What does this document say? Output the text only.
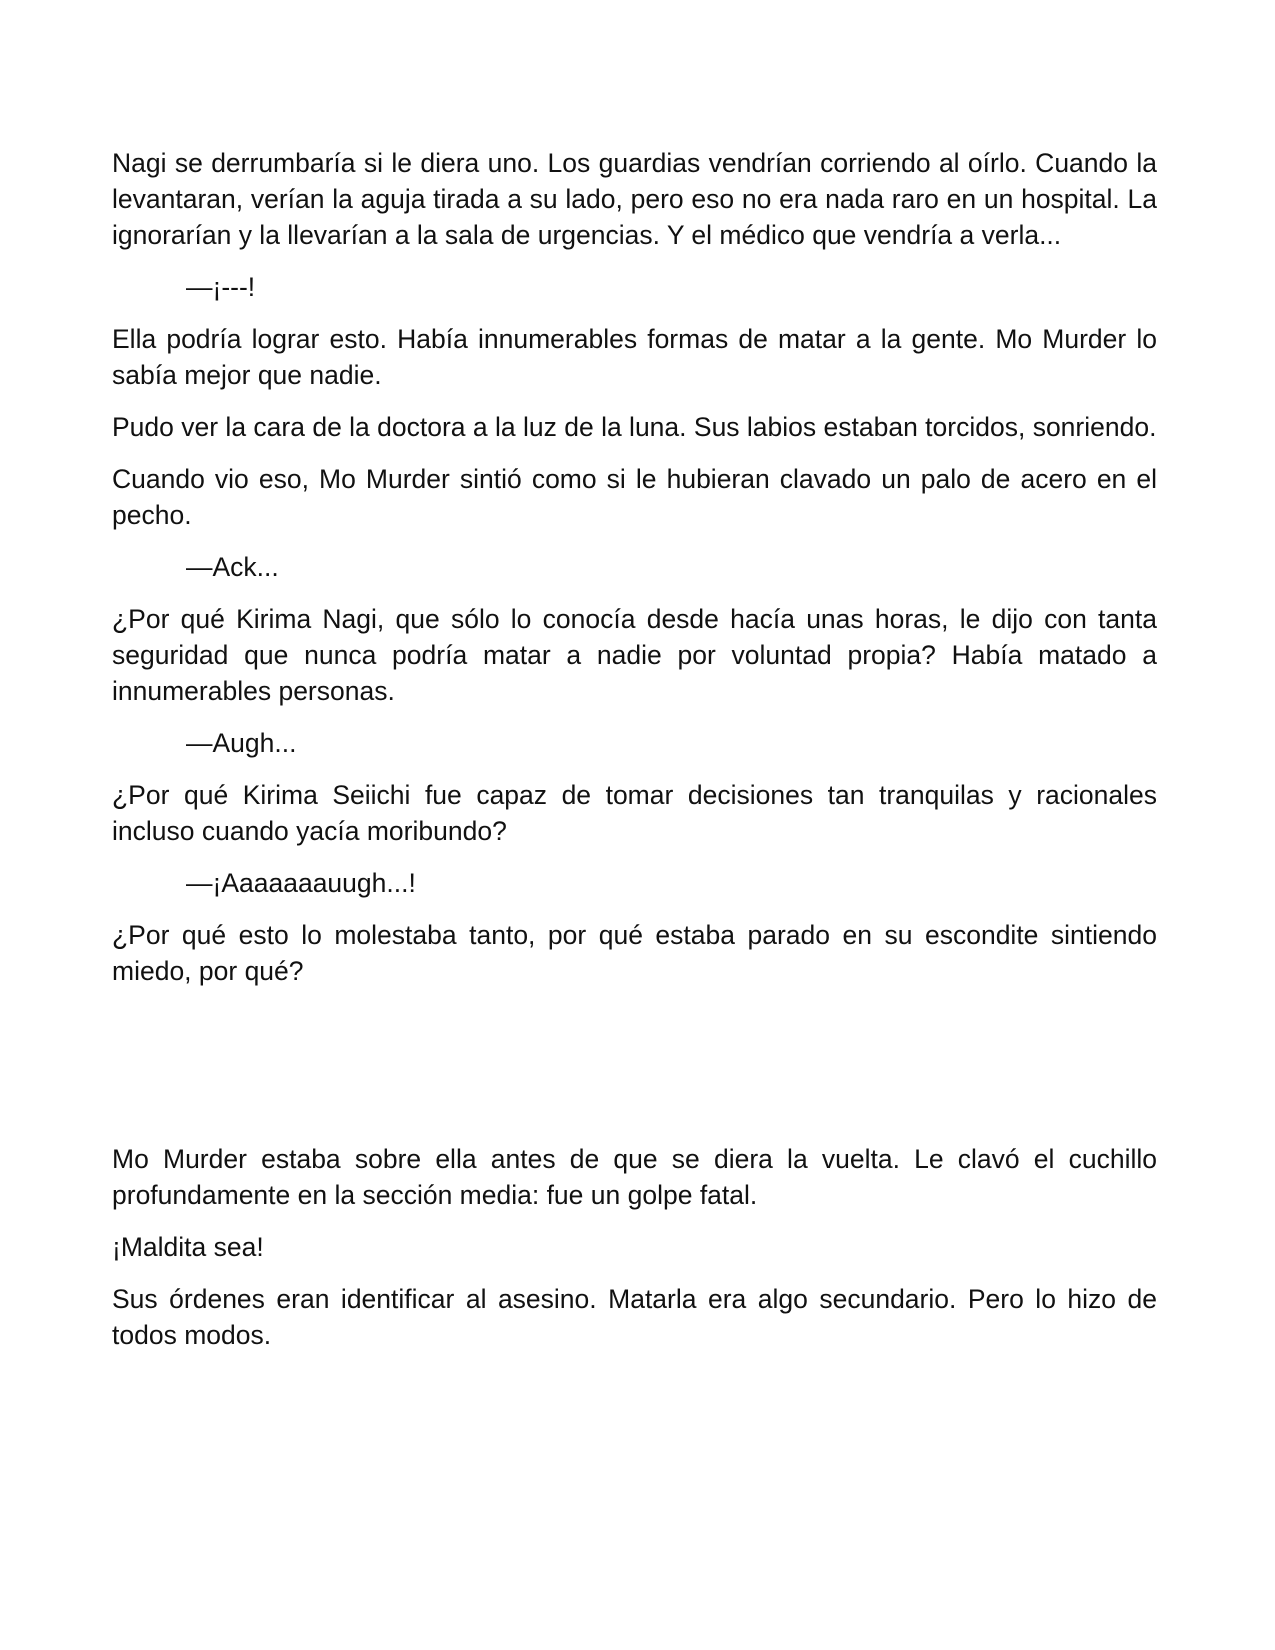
Nagi se derrumbaría si le diera uno. Los guardias vendrían corriendo al oírlo. Cuando la levantaran, verían la aguja tirada a su lado, pero eso no era nada raro en un hospital. La ignorarían y la llevarían a la sala de urgencias. Y el médico que vendría a verla...

—¡---!

Ella podría lograr esto. Había innumerables formas de matar a la gente. Mo Murder lo sabía mejor que nadie.

Pudo ver la cara de la doctora a la luz de la luna. Sus labios estaban torcidos, sonriendo.

Cuando vio eso, Mo Murder sintió como si le hubieran clavado un palo de acero en el pecho.

—Ack...

¿Por qué Kirima Nagi, que sólo lo conocía desde hacía unas horas, le dijo con tanta seguridad que nunca podría matar a nadie por voluntad propia? Había matado a innumerables personas.

—Augh...

¿Por qué Kirima Seiichi fue capaz de tomar decisiones tan tranquilas y racionales incluso cuando yacía moribundo?

—¡Aaaaaaauugh...!

¿Por qué esto lo molestaba tanto, por qué estaba parado en su escondite sintiendo miedo, por qué?

Mo Murder estaba sobre ella antes de que se diera la vuelta. Le clavó el cuchillo profundamente en la sección media: fue un golpe fatal.

¡Maldita sea!

Sus órdenes eran identificar al asesino. Matarla era algo secundario. Pero lo hizo de todos modos.
